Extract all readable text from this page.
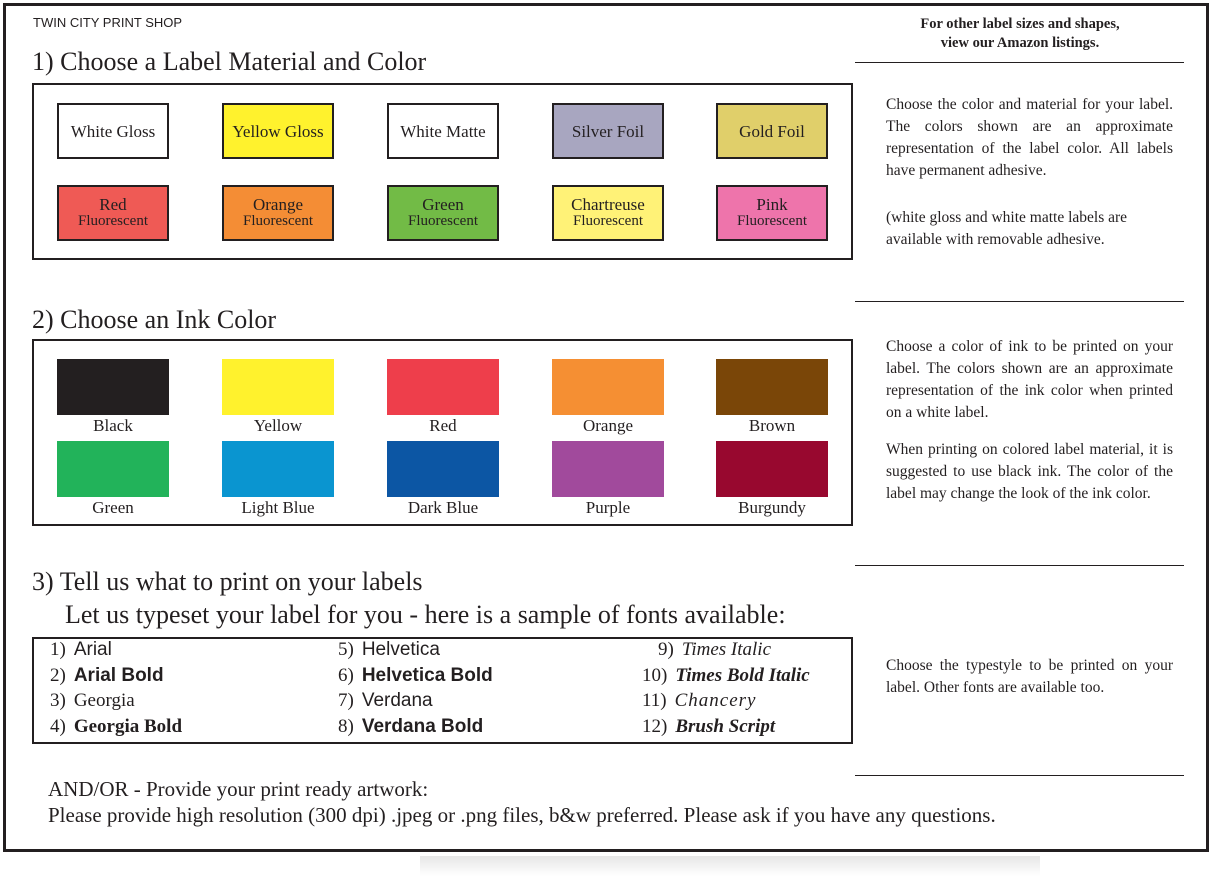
TWIN CITY PRINT SHOP	For other label sizes and shapes,
view our Amazon listings.
1) Choose a Label Material and Color
White Gloss	Yellow Gloss	White Matte	Silver Foil	Gold Foil
Red
Fluorescent
Orange
Fluorescent
Green
Fluorescent
Chartreuse
Fluorescent
Pink
Fluorescent
Choose the color and material for your label. The colors shown are an approximate representation of the label color. All labels have permanent adhesive.
(white gloss and white matte labels are available with removable adhesive.
2) Choose an Ink Color
Black	Yellow	Red	Orange	Brown
Green	Light Blue	Dark Blue	Purple	Burgundy
Choose a color of ink to be printed on your label. The colors shown are an approximate representation of the ink color when printed on a white label.
When printing on colored label material, it is suggested to use black ink. The color of the label may change the look of the ink color.
3) Tell us what to print on your labels
Let us typeset your label for you - here is a sample of fonts available:
1) Arial
2) Arial Bold
3) Georgia
4) Georgia Bold
5) Helvetica
6) Helvetica Bold
7) Verdana
8) Verdana Bold
9) Times Italic
10) Times Bold Italic
11) Chancery
12) Brush Script
Choose the typestyle to be printed on your label. Other fonts are available too.
AND/OR - Provide your print ready artwork:
Please provide high resolution (300 dpi) .jpeg or .png files, b&w preferred. Please ask if you have any questions.
